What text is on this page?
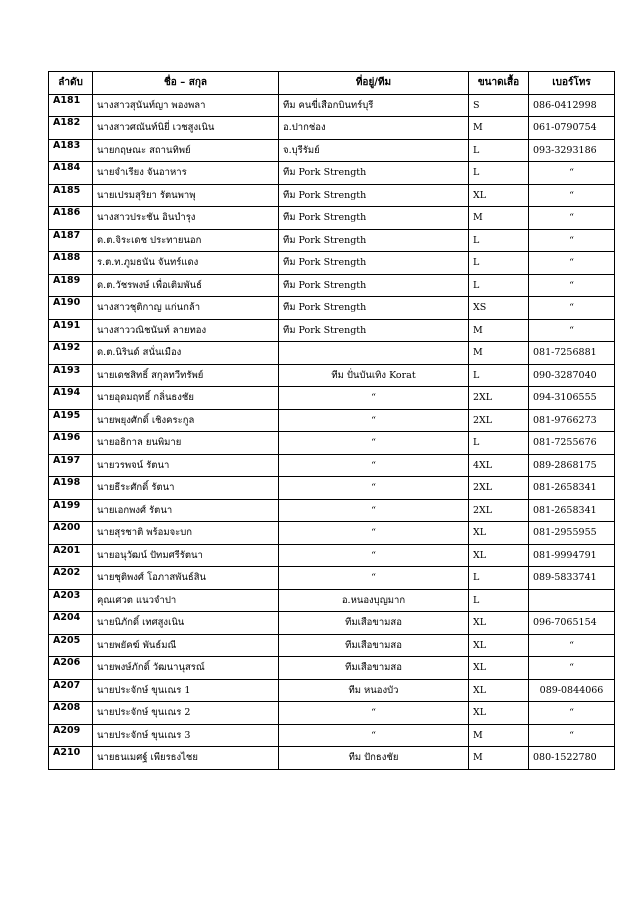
ลำดับ	ชื่อ – สกุล	ที่อยู่/ทีม	ขนาดเสื้อ	เบอร์โทร
A181	นางสาวสุนันท์ญา พองพลา	ทีม คนขี่เสือกบินทร์บุรี	S	086-0412998
A182	นางสาวศณันท์นิยี่ เวชสูงเนิน	อ.ปากช่อง	M	061-0790754
A183	นายกฤษณะ สถานทิพย์	จ.บุรีรัมย์	L	093-3293186
A184	นายจำเรียง จันอาหาร	ทีม Pork Strength	L	“
A185	นายเปรมสุริยา รัตนพาพุ	ทีม Pork Strength	XL	“
A186	นางสาวประชัน อินบำรุง	ทีม Pork Strength	M	“
A187	ด.ต.จิระเดช ประทายนอก	ทีม Pork Strength	L	“
A188	ร.ต.ท.ภูมธนัน จันทร์แดง	ทีม Pork Strength	L	“
A189	ด.ต.วัชรพงษ์ เพื่อเติมพันธ์	ทีม Pork Strength	L	“
A190	นางสาวชุติกาญ แก่นกล้า	ทีม Pork Strength	XS	“
A191	นางสาววณิชนันท์ ลายทอง	ทีม Pork Strength	M	“
A192	ด.ต.นิรินด์ สนั่นเมือง		M	081-7256881
A193	นายเดชสิทธิ์ สกุลทวีทรัพย์	ทีม ปั่นบันเทิง Korat	L	090-3287040
A194	นายอุดมฤทธิ์ กลิ่นธงชัย	“	2XL	094-3106555
A195	นายพยุงศักดิ์ เชิงคระกูล	“	2XL	081-9766273
A196	นายอธิกาล ยนพิมาย	“	L	081-7255676
A197	นายวรพจน์ รัตนา	“	4XL	089-2868175
A198	นายธีระศักดิ์ รัตนา	“	2XL	081-2658341
A199	นายเอกพงศ์ รัตนา	“	2XL	081-2658341
A200	นายสุรชาติ พร้อมจะบก	“	XL	081-2955955
A201	นายอนุวัฒน์ ปัทมศรีรัตนา	“	XL	081-9994791
A202	นายชุติพงศ์ โอภาสพันธ์สิน	“	L	089-5833741
A203	คุณเศวต แนวจำปา	อ.หนองบุญมาก	L	
A204	นายนิภักดิ์ เทศสูงเนิน	ทีมเสือขามสอ	XL	096-7065154
A205	นายพยัคฆ์ พันธ์มณี	ทีมเสือขามสอ	XL	“
A206	นายพงษ์ภักดิ์ วัฒนานุสรณ์	ทีมเสือขามสอ	XL	“
A207	นายประจักษ์ ขุนเณร 1	ทีม หนองบัว	XL	089-0844066
A208	นายประจักษ์ ขุนเณร 2	“	XL	“
A209	นายประจักษ์ ขุนเณร 3	“	M	“
A210	นายธนเมศฐ์ เพียรธงไชย	ทีม ปักธงชัย	M	080-1522780
